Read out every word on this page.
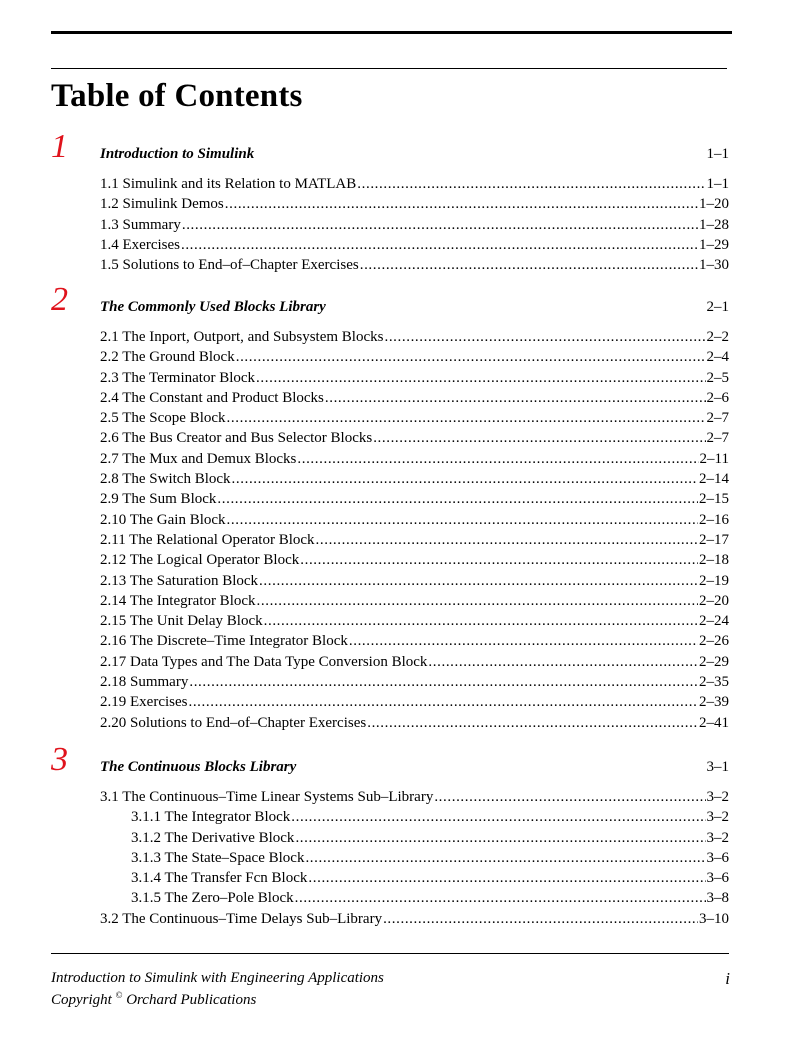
Table of Contents
1 Introduction to Simulink	1–1
1.1 Simulink and its Relation to MATLAB .....	1–1
1.2 Simulink Demos .....	1–20
1.3 Summary .....	1–28
1.4 Exercises .....	1–29
1.5 Solutions to End–of–Chapter Exercises .....	1–30
2 The Commonly Used Blocks Library	2–1
2.1 The Inport, Outport, and Subsystem Blocks .....	2–2
2.2 The Ground Block .....	2–4
2.3 The Terminator Block .....	2–5
2.4 The Constant and Product Blocks .....	2–6
2.5 The Scope Block .....	2–7
2.6 The Bus Creator and Bus Selector Blocks .....	2–7
2.7 The Mux and Demux Blocks .....	2–11
2.8 The Switch Block .....	2–14
2.9 The Sum Block .....	2–15
2.10 The Gain Block .....	2–16
2.11 The Relational Operator Block .....	2–17
2.12 The Logical Operator Block .....	2–18
2.13 The Saturation Block .....	2–19
2.14 The Integrator Block .....	2–20
2.15 The Unit Delay Block .....	2–24
2.16 The Discrete–Time Integrator Block .....	2–26
2.17 Data Types and The Data Type Conversion Block .....	2–29
2.18 Summary .....	2–35
2.19 Exercises .....	2–39
2.20 Solutions to End–of–Chapter Exercises .....	2–41
3 The Continuous Blocks Library	3–1
3.1 The Continuous–Time Linear Systems Sub–Library .....	3–2
3.1.1 The Integrator Block .....	3–2
3.1.2 The Derivative Block .....	3–2
3.1.3 The State–Space Block .....	3–6
3.1.4 The Transfer Fcn Block .....	3–6
3.1.5 The Zero–Pole Block .....	3–8
3.2 The Continuous–Time Delays Sub–Library .....	3–10
Introduction to Simulink with Engineering Applications
Copyright © Orchard Publications
i
